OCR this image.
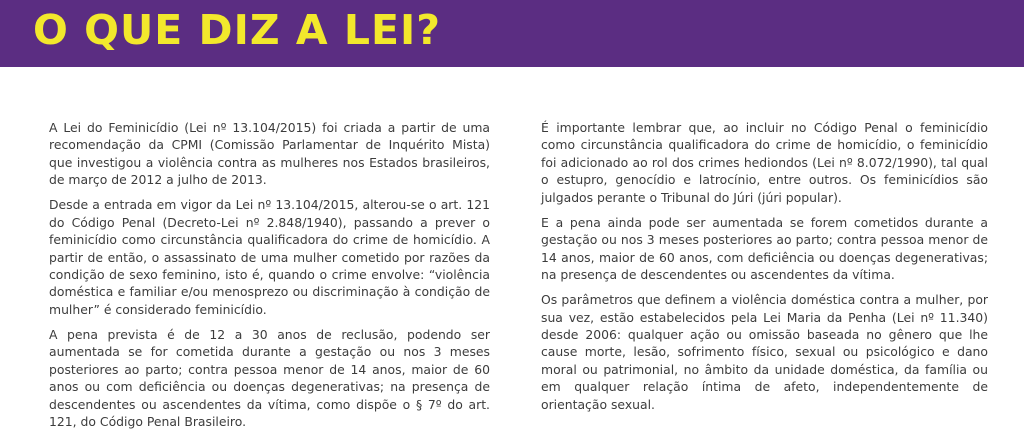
O QUE DIZ A LEI?

A Lei do Feminicídio (Lei nº 13.104/2015) foi criada a partir de uma recomendação da CPMI (Comissão Parlamentar de Inquérito Mista) que investigou a violência contra as mulheres nos Estados brasileiros, de março de 2012 a julho de 2013.

Desde a entrada em vigor da Lei nº 13.104/2015, alterou-se o art. 121 do Código Penal (Decreto-Lei nº 2.848/1940), passando a prever o feminicídio como circunstância qualificadora do crime de homicídio. A partir de então, o assassinato de uma mulher cometido por razões da condição de sexo feminino, isto é, quando o crime envolve: “violência doméstica e familiar e/ou menosprezo ou discriminação à condição de mulher” é considerado feminicídio.

A pena prevista é de 12 a 30 anos de reclusão, podendo ser aumentada se for cometida durante a gestação ou nos 3 meses posteriores ao parto; contra pessoa menor de 14 anos, maior de 60 anos ou com deficiência ou doenças degenerativas; na presença de descendentes ou ascendentes da vítima, como dispõe o § 7º do art. 121, do Código Penal Brasileiro.

É importante lembrar que, ao incluir no Código Penal o feminicídio como circunstância qualificadora do crime de homicídio, o feminicídio foi adicionado ao rol dos crimes hediondos (Lei nº 8.072/1990), tal qual o estupro, genocídio e latrocínio, entre outros. Os feminicídios são julgados perante o Tribunal do Júri (júri popular).

E a pena ainda pode ser aumentada se forem cometidos durante a gestação ou nos 3 meses posteriores ao parto; contra pessoa menor de 14 anos, maior de 60 anos, com deficiência ou doenças degenerativas; na presença de descendentes ou ascendentes da vítima.

Os parâmetros que definem a violência doméstica contra a mulher, por sua vez, estão estabelecidos pela Lei Maria da Penha (Lei nº 11.340) desde 2006: qualquer ação ou omissão baseada no gênero que lhe cause morte, lesão, sofrimento físico, sexual ou psicológico e dano moral ou patrimonial, no âmbito da unidade doméstica, da família ou em qualquer relação íntima de afeto, independentemente de orientação sexual.
